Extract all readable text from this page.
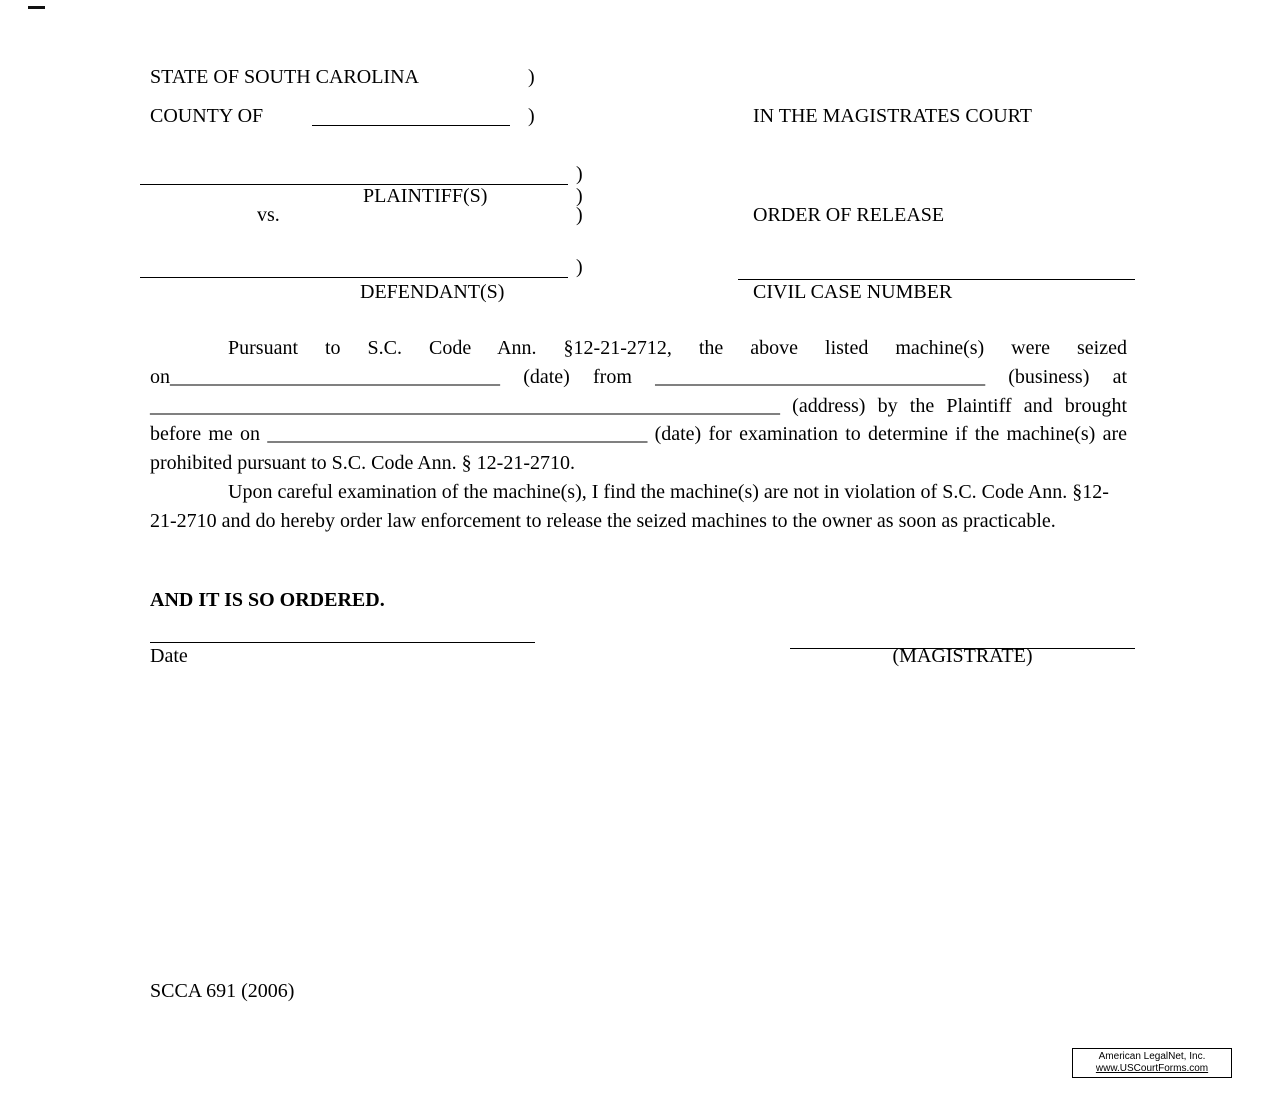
STATE OF SOUTH CAROLINA	)
COUNTY OF	)	IN THE MAGISTRATES COURT
)
PLAINTIFF(S)	)
vs.	)	ORDER OF RELEASE
)
DEFENDANT(S)	CIVIL CASE NUMBER

Pursuant to S.C. Code Ann. §12-21-2712, the above listed machine(s) were seized on_________________________________ (date) from _________________________________ (business) at _______________________________________________________________ (address) by the Plaintiff and brought before me on ______________________________________ (date) for examination to determine if the machine(s) are prohibited pursuant to S.C. Code Ann. § 12-21-2710.

Upon careful examination of the machine(s), I find the machine(s) are not in violation of S.C. Code Ann. §12-21-2710 and do hereby order law enforcement to release the seized machines to the owner as soon as practicable.

AND IT IS SO ORDERED.
Date	(MAGISTRATE)
SCCA 691 (2006)
American LegalNet, Inc.
www.USCourtForms.com
